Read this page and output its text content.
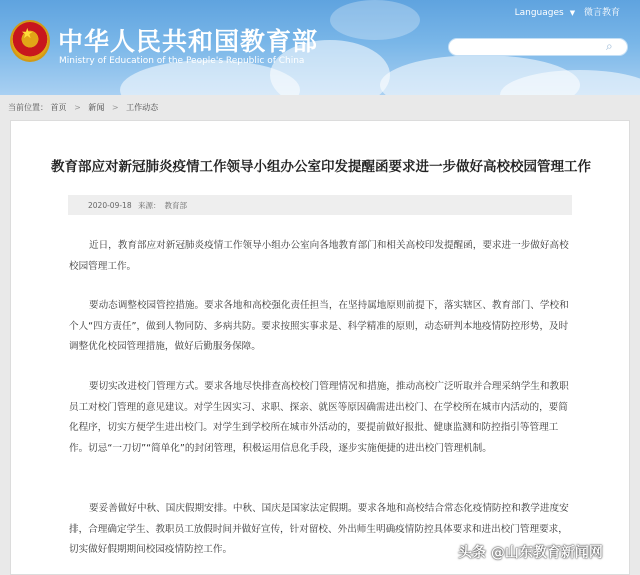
★ 中华人民共和国教育部
Ministry of Education of the People's Republic of China
Languages ▼ 微言教育
⌕
当前位置： 首页 > 新闻 > 工作动态
教育部应对新冠肺炎疫情工作领导小组办公室印发提醒函要求进一步做好高校校园管理工作
2020-09-18 来源： 教育部

近日，教育部应对新冠肺炎疫情工作领导小组办公室向各地教育部门和相关高校印发提醒函，要求进一步做好高校校园管理工作。

要动态调整校园管控措施。要求各地和高校强化责任担当，在坚持属地原则前提下，落实辖区、教育部门、学校和个人“四方责任”，做到人物同防、多病共防。要求按照实事求是、科学精准的原则，动态研判本地疫情防控形势，及时调整优化校园管理措施，做好后勤服务保障。

要切实改进校门管理方式。要求各地尽快排查高校校门管理情况和措施，推动高校广泛听取并合理采纳学生和教职员工对校门管理的意见建议。对学生因实习、求职、探亲、就医等原因确需进出校门、在学校所在城市内活动的，要简化程序，切实方便学生进出校门。对学生到学校所在城市外活动的，要提前做好报批、健康监测和防控指引等管理工作。切忌“一刀切”“简单化”的封闭管理，积极运用信息化手段，逐步实施便捷的进出校门管理机制。

要妥善做好中秋、国庆假期安排。中秋、国庆是国家法定假期。要求各地和高校结合常态化疫情防控和教学进度安排，合理确定学生、教职员工放假时间并做好宣传，针对留校、外出师生明确疫情防控具体要求和进出校门管理要求，切实做好假期期间校园疫情防控工作。	头条 @山东教育新闻网
